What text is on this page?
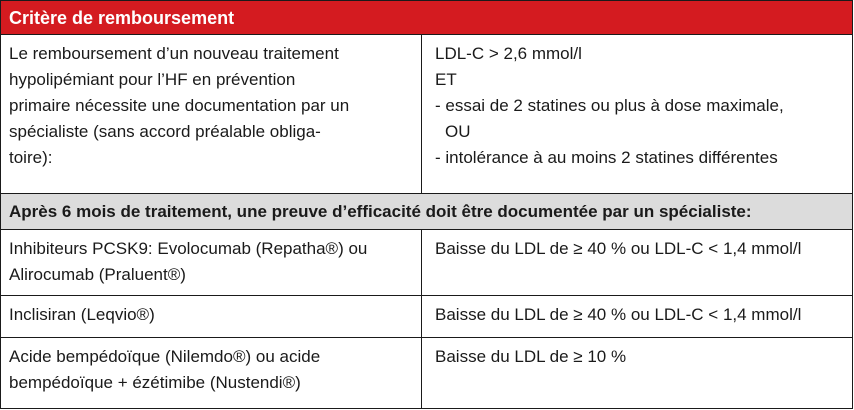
Critère de remboursement
Le remboursement d’un nouveau traitement
hypolipémiant pour l’HF en prévention
primaire nécessite une documentation par un
spécialiste (sans accord préalable obliga-
toire):
LDL-C > 2,6 mmol/l
ET
- essai de 2 statines ou plus à dose maximale,
OU
- intolérance à au moins 2 statines différentes
Après 6 mois de traitement, une preuve d’efficacité doit être documentée par un spécialiste:
Inhibiteurs PCSK9: Evolocumab (Repatha®) ou
Alirocumab (Praluent®)
Baisse du LDL de ≥ 40 % ou LDL-C < 1,4 mmol/l
Inclisiran (Leqvio®)	Baisse du LDL de ≥ 40 % ou LDL-C < 1,4 mmol/l
Acide bempédoïque (Nilemdo®) ou acide
bempédoïque + ézétimibe (Nustendi®)
Baisse du LDL de ≥ 10 %
